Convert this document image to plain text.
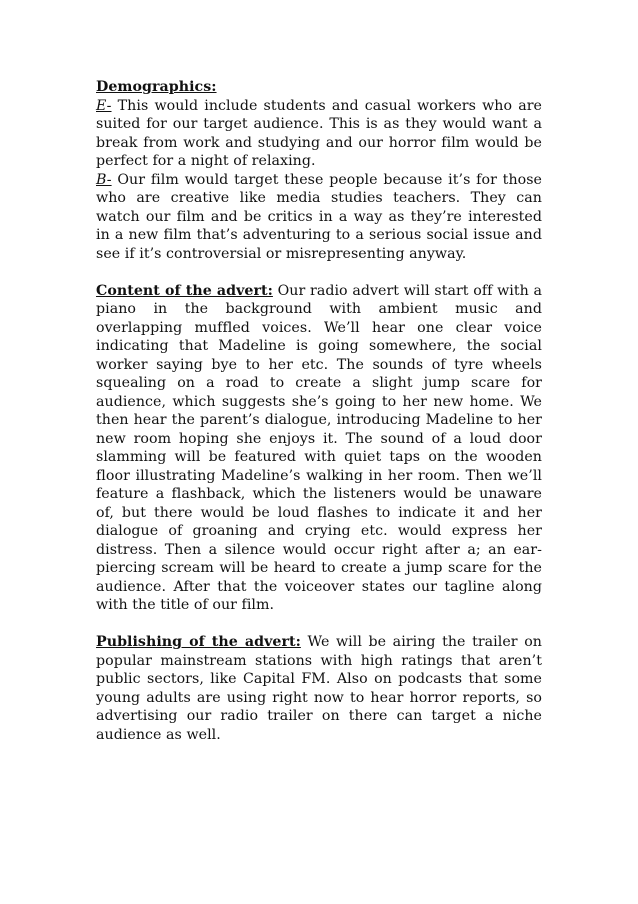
Demographics:

E- This would include students and casual workers who are suited for our target audience. This is as they would want a break from work and studying and our horror film would be perfect for a night of relaxing.

B- Our film would target these people because it’s for those who are creative like media studies teachers. They can watch our film and be critics in a way as they’re interested in a new film that’s adventuring to a serious social issue and see if it’s controversial or misrepresenting anyway.

Content of the advert: Our radio advert will start off with a piano in the background with ambient music and overlapping muffled voices. We’ll hear one clear voice indicating that Madeline is going somewhere, the social worker saying bye to her etc. The sounds of tyre wheels squealing on a road to create a slight jump scare for audience, which suggests she’s going to her new home. We then hear the parent’s dialogue, introducing Madeline to her new room hoping she enjoys it. The sound of a loud door slamming will be featured with quiet taps on the wooden floor illustrating Madeline’s walking in her room. Then we’ll feature a flashback, which the listeners would be unaware of, but there would be loud flashes to indicate it and her dialogue of groaning and crying etc. would express her distress. Then a silence would occur right after a; an ear-piercing scream will be heard to create a jump scare for the audience. After that the voiceover states our tagline along with the title of our film.

Publishing of the advert: We will be airing the trailer on popular mainstream stations with high ratings that aren’t public sectors, like Capital FM. Also on podcasts that some young adults are using right now to hear horror reports, so advertising our radio trailer on there can target a niche audience as well.
